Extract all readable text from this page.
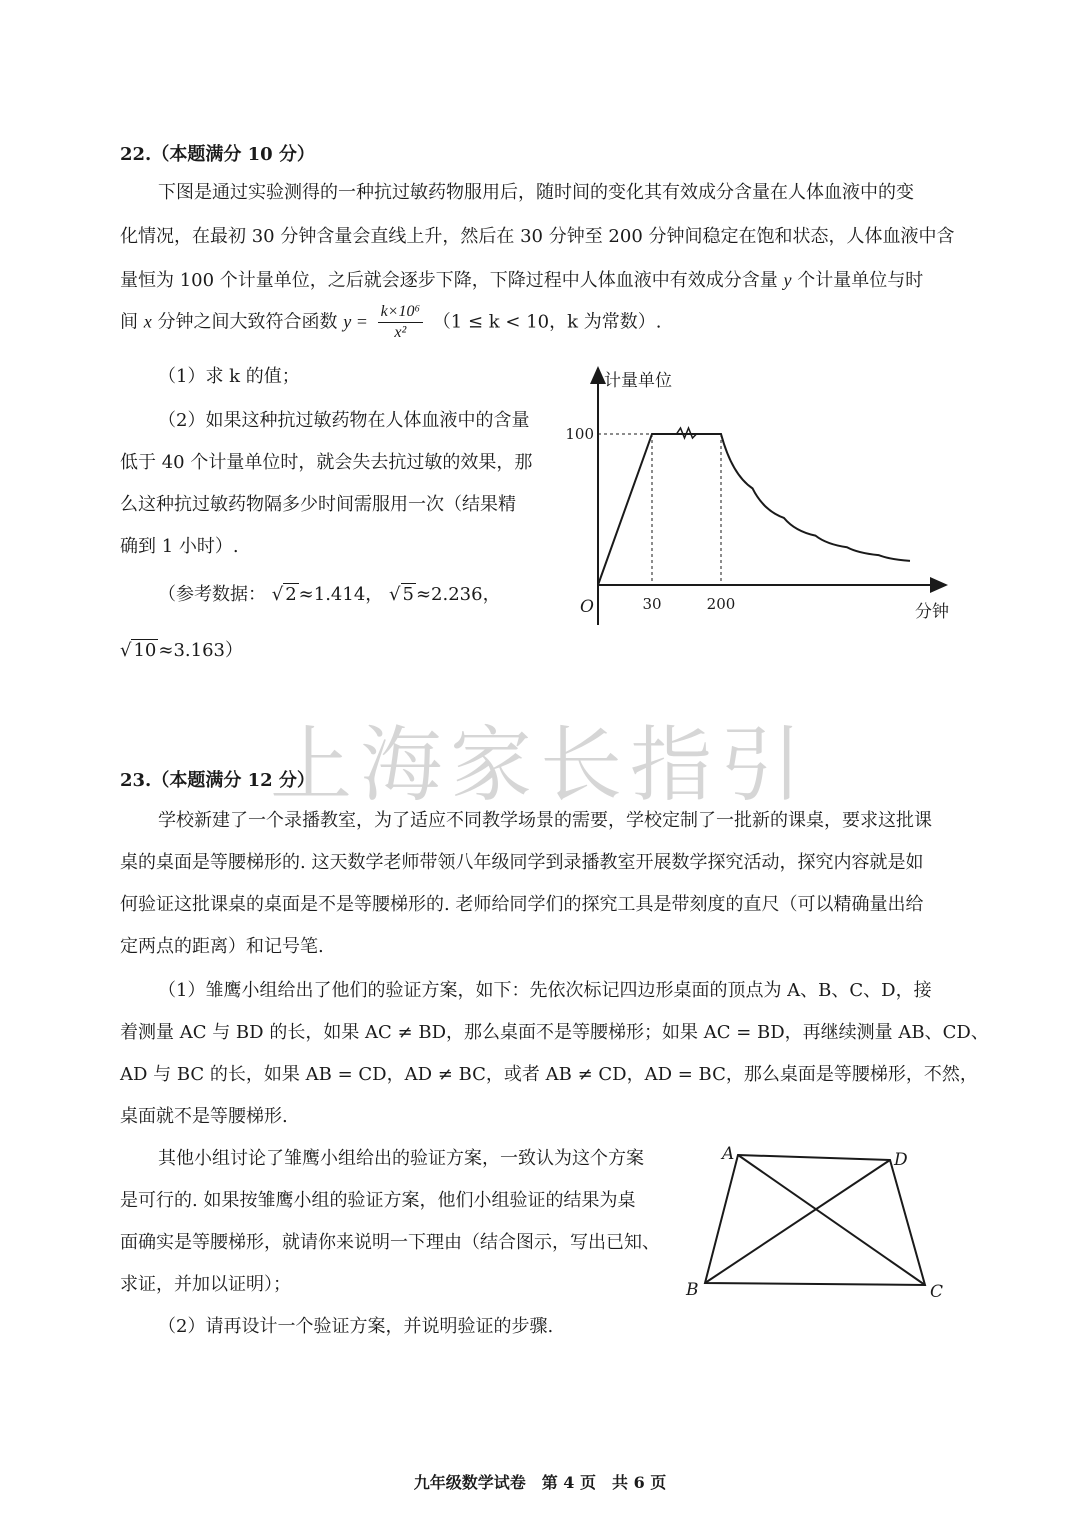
22.（本题满分 10 分）
下图是通过实验测得的一种抗过敏药物服用后，随时间的变化其有效成分含量在人体血液中的变
化情况，在最初 30 分钟含量会直线上升，然后在 30 分钟至 200 分钟间稳定在饱和状态，人体血液中含
量恒为 100 个计量单位，之后就会逐步下降，下降过程中人体血液中有效成分含量 y 个计量单位与时
间 x 分钟之间大致符合函数 $y = \frac{\text{k×10⁶}}{\text{x²}} (1 \le k < 10$，k 为常数）.
（1）求 k 的值；
（2）如果这种抗过敏药物在人体血液中的含量
低于 40 个计量单位时，就会失去抗过敏的效果，那
么这种抗过敏药物隔多少时间需服用一次（结果精
确到 1 小时）.
（参考数据： √ 2 ≈1.414， √ 5 ≈2.236，
√ 10 ≈3.163）
计量单位
分钟
O
100
30	200
上海家长指引
23.（本题满分 12 分）
学校新建了一个录播教室，为了适应不同教学场景的需要，学校定制了一批新的课桌，要求这批课
桌的桌面是等腰梯形的. 这天数学老师带领八年级同学到录播教室开展数学探究活动，探究内容就是如
何验证这批课桌的桌面是不是等腰梯形的. 老师给同学们的探究工具是带刻度的直尺（可以精确量出给
定两点的距离）和记号笔.
（1）雏鹰小组给出了他们的验证方案，如下：先依次标记四边形桌面的顶点为 A、B、C、D，接
着测量 AC 与 BD 的长，如果 AC ≠ BD，那么桌面不是等腰梯形；如果 AC = BD，再继续测量 AB、CD、
AD 与 BC 的长，如果 AB = CD，AD ≠ BC，或者 AB ≠ CD，AD = BC，那么桌面是等腰梯形，不然，
桌面就不是等腰梯形.
其他小组讨论了雏鹰小组给出的验证方案，一致认为这个方案
是可行的. 如果按雏鹰小组的验证方案，他们小组验证的结果为桌
面确实是等腰梯形，就请你来说明一下理由（结合图示，写出已知、
求证，并加以证明）；
（2）请再设计一个验证方案，并说明验证的步骤.
A	D
B	C
九年级数学试卷　第 4 页　共 6 页
